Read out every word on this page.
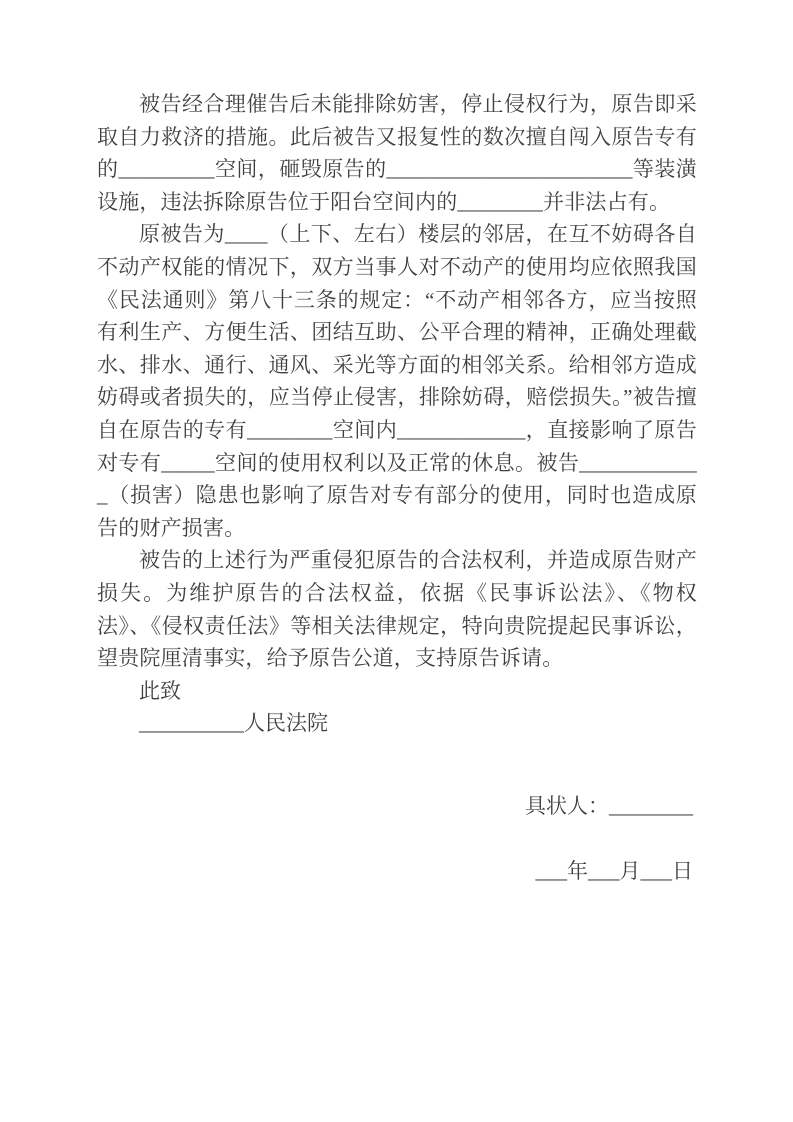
被告经合理催告后未能排除妨害，停止侵权行为，原告即采取自力救济的措施。此后被告又报复性的数次擅自闯入原告专有的_________空间，砸毁原告的_______________________等装潢设施，违法拆除原告位于阳台空间内的________并非法占有。

原被告为____（上下、左右）楼层的邻居，在互不妨碍各自不动产权能的情况下，双方当事人对不动产的使用均应依照我国《民法通则》第八十三条的规定：“不动产相邻各方，应当按照有利生产、方便生活、团结互助、公平合理的精神，正确处理截水、排水、通行、通风、采光等方面的相邻关系。给相邻方造成妨碍或者损失的，应当停止侵害，排除妨碍，赔偿损失。”被告擅自在原告的专有________空间内____________，直接影响了原告对专有_____空间的使用权利以及正常的休息。被告____________（损害）隐患也影响了原告对专有部分的使用，同时也造成原告的财产损害。

被告的上述行为严重侵犯原告的合法权利，并造成原告财产损失。为维护原告的合法权益，依据《民事诉讼法》、《物权法》、《侵权责任法》等相关法律规定，特向贵院提起民事诉讼，望贵院厘清事实，给予原告公道，支持原告诉请。

此致

__________人民法院

具状人：________

___年___月___日
